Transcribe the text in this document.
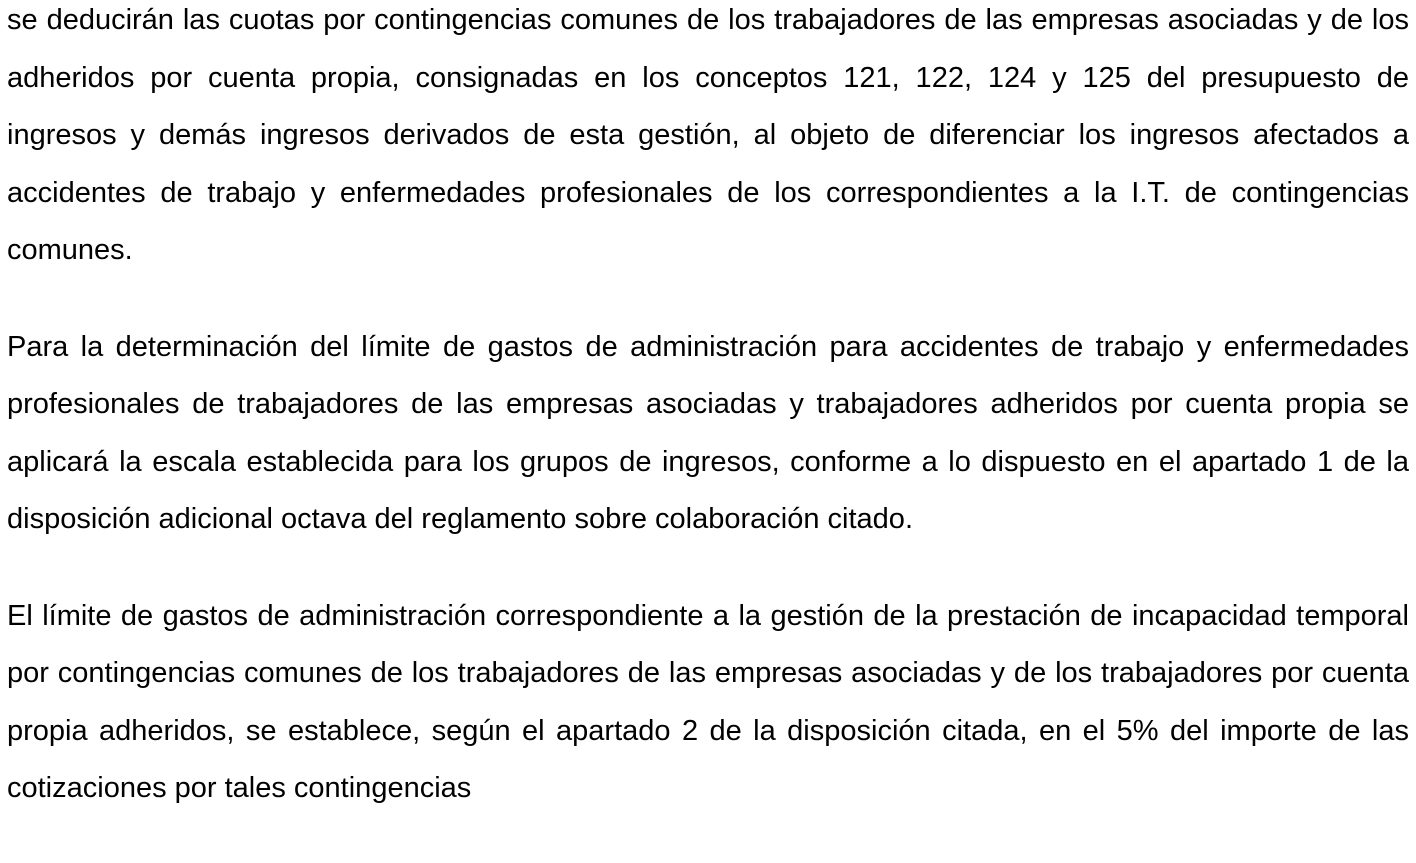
se deducirán las cuotas por contingencias comunes de los trabajadores de las empresas asociadas y de los adheridos por cuenta propia, consignadas en los conceptos 121, 122, 124 y 125 del presupuesto de ingresos y demás ingresos derivados de esta gestión, al objeto de diferenciar los ingresos afectados a accidentes de trabajo y enfermedades profesionales de los correspondientes a la I.T. de contingencias comunes.

Para la determinación del límite de gastos de administración para accidentes de trabajo y enfermedades profesionales de trabajadores de las empresas asociadas y trabajadores adheridos por cuenta propia se aplicará la escala establecida para los grupos de ingresos, conforme a lo dispuesto en el apartado 1 de la disposición adicional octava del reglamento sobre colaboración citado.

El límite de gastos de administración correspondiente a la gestión de la prestación de incapacidad temporal por contingencias comunes de los trabajadores de las empresas asociadas y de los trabajadores por cuenta propia adheridos, se establece, según el apartado 2 de la disposición citada, en el 5% del importe de las cotizaciones por tales contingencias
